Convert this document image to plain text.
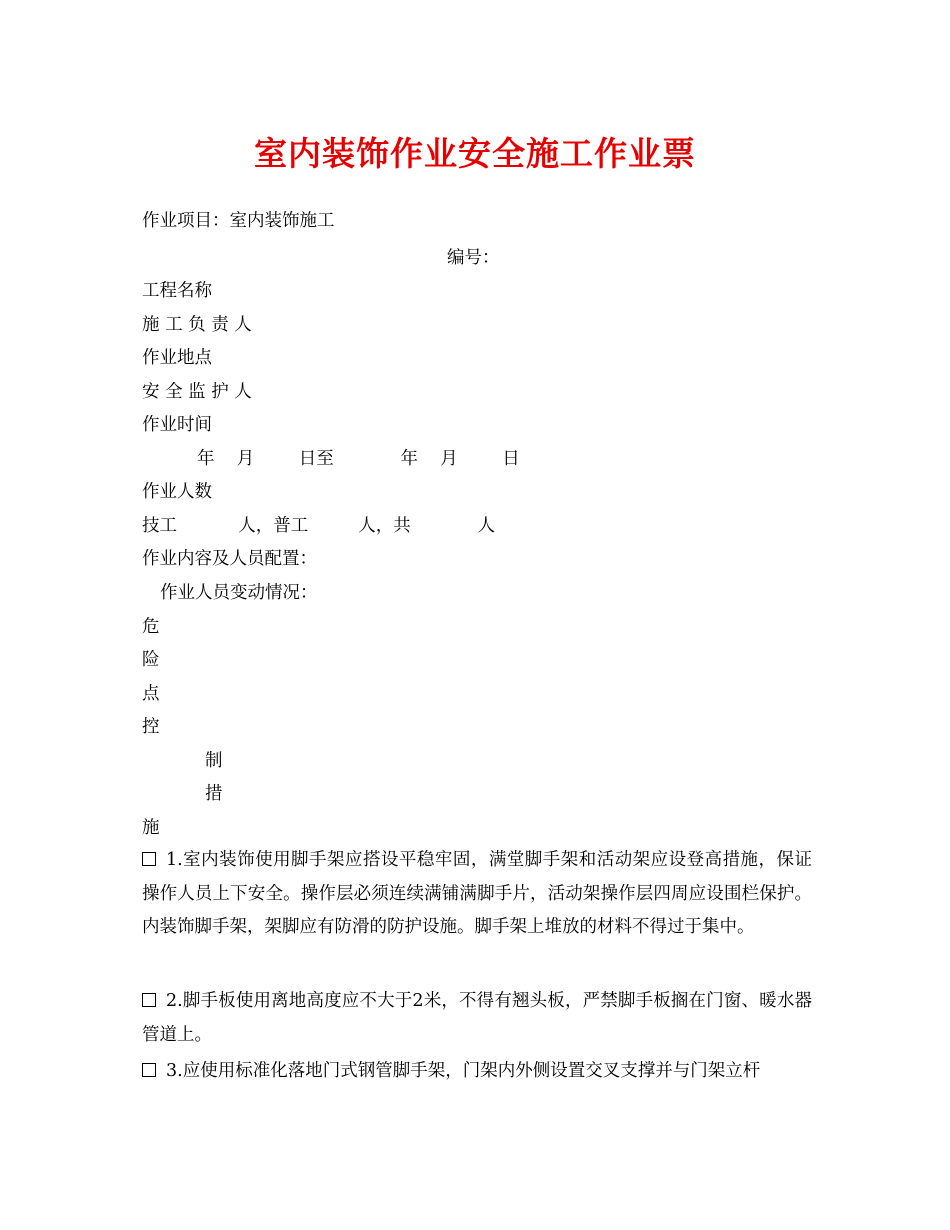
室内装饰作业安全施工作业票
作业项目：室内装饰施工
编号：
工程名称
施 工 负 责 人
作业地点
安 全 监 护 人
作业时间
年    月        日至            年    月        日
作业人数
技工           人，普工         人，共            人
作业内容及人员配置：
作业人员变动情况：
危
险
点
控
制
措
施
1.室内装饰使用脚手架应搭设平稳牢固，满堂脚手架和活动架应设登高措施，保证操作人员上下安全。操作层必须连续满铺满脚手片，活动架操作层四周应设围栏保护。内装饰脚手架，架脚应有防滑的防护设施。脚手架上堆放的材料不得过于集中。
2.脚手板使用离地高度应不大于2米，不得有翘头板，严禁脚手板搁在门窗、暖水器管道上。
3.应使用标准化落地门式钢管脚手架，门架内外侧设置交叉支撑并与门架立杆
